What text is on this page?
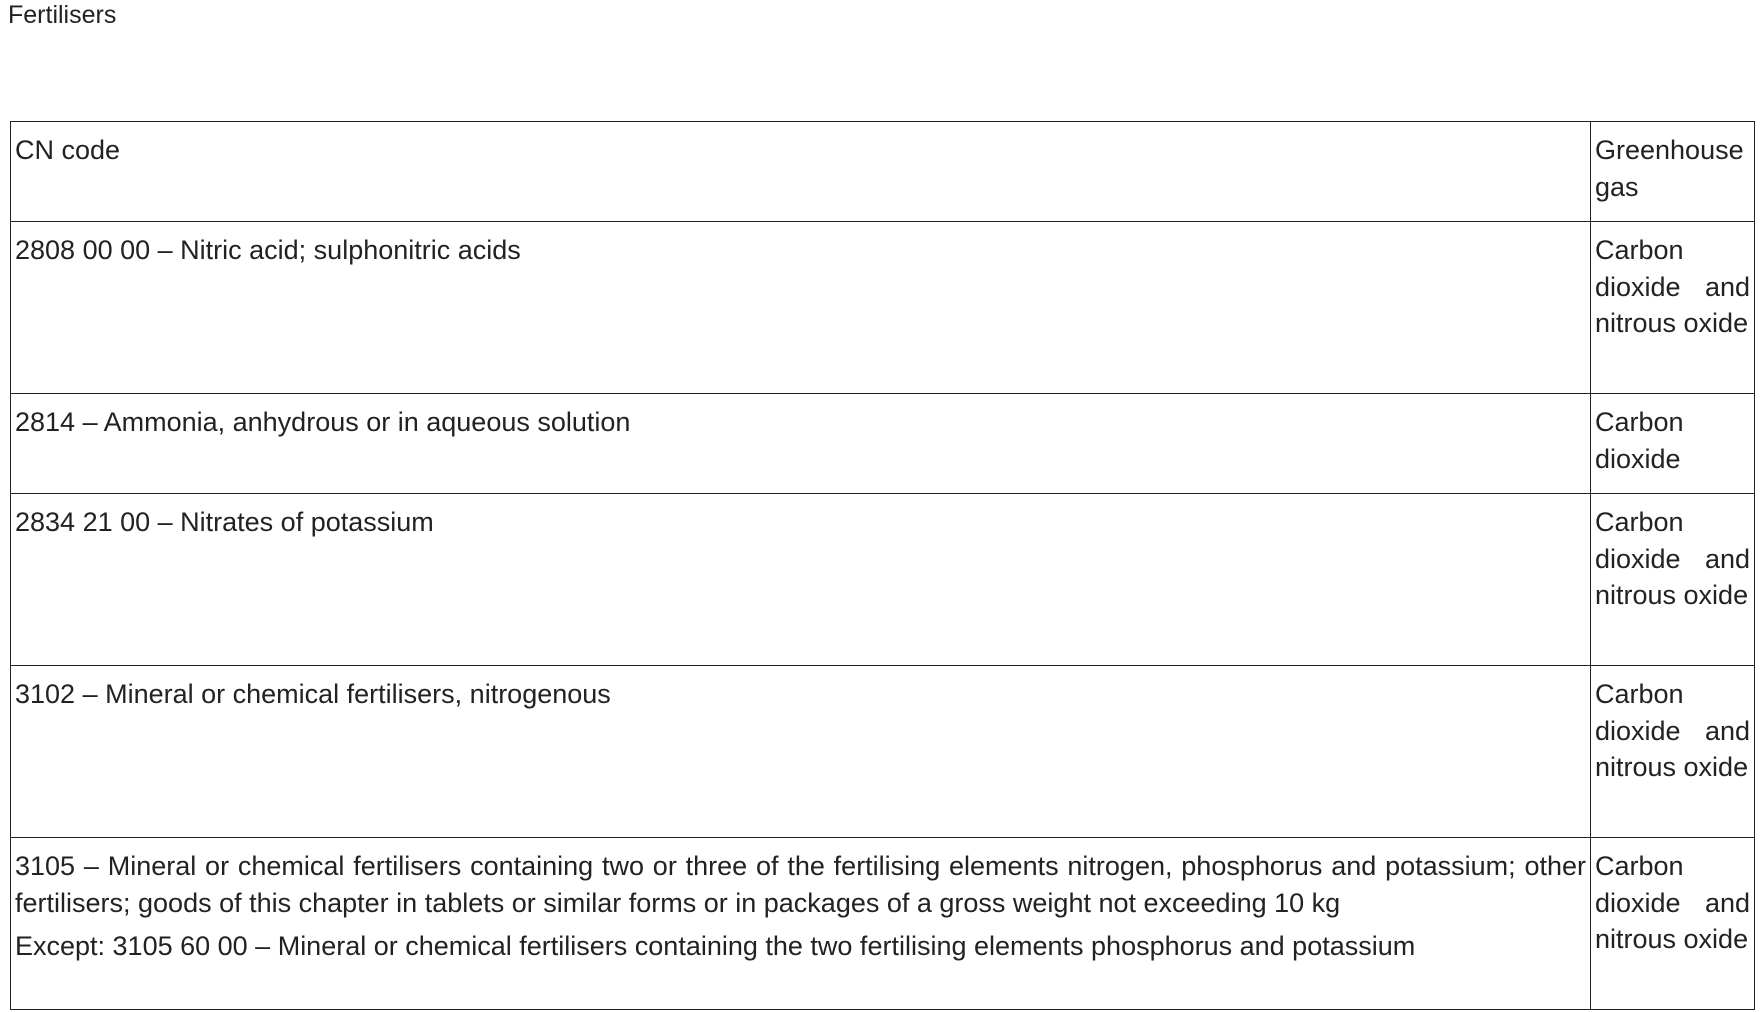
Fertilisers
CN code	Greenhouse gas
2808 00 00 – Nitric acid; sulphonitric acids	Carbon dioxide and nitrous oxide
2814 – Ammonia, anhydrous or in aqueous solution	Carbon dioxide
2834 21 00 – Nitrates of potassium	Carbon dioxide and nitrous oxide
3102 – Mineral or chemical fertilisers, nitrogenous	Carbon dioxide and nitrous oxide

3105 – Mineral or chemical fertilisers containing two or three of the fertilising elements nitrogen, phosphorus and potassium; other fertilisers; goods of this chapter in tablets or similar forms or in packages of a gross weight not exceeding 10 kg
Except: 3105 60 00 – Mineral or chemical fertilisers containing the two fertilising elements phosphorus and potassium	Carbon dioxide and nitrous oxide
